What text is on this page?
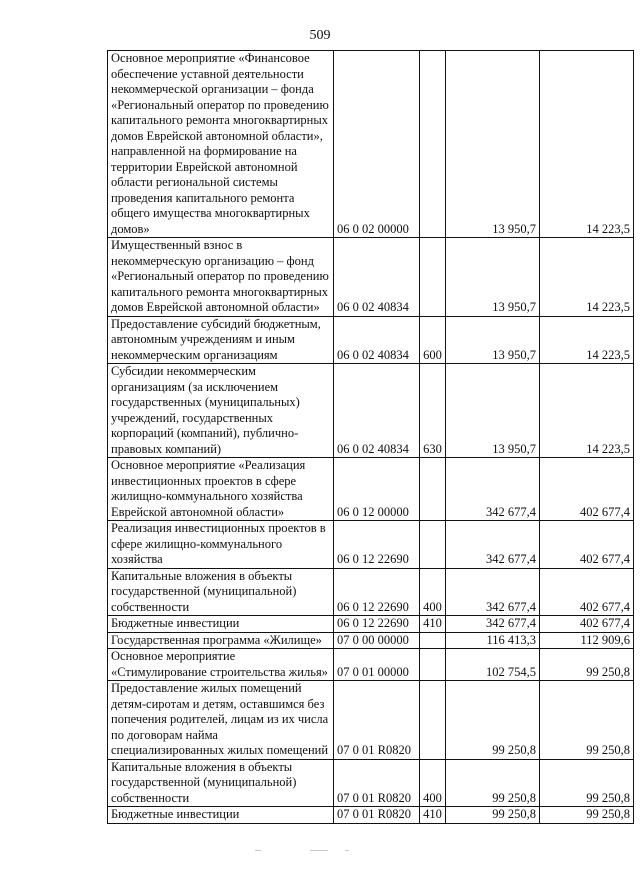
509
Основное мероприятие «Финансовое обеспечение уставной деятельности некоммерческой организации – фонда «Региональный оператор по проведению капитального ремонта многоквартирных домов Еврейской автономной области», направленной на формирование на территории Еврейской автономной области региональной системы проведения капитального ремонта общего имущества многоквартирных домов»	06 0 02 00000		13 950,7	14 223,5
Имущественный взнос в некоммерческую организацию – фонд «Региональный оператор по проведению капитального ремонта многоквартирных домов Еврейской автономной области»	06 0 02 40834		13 950,7	14 223,5
Предоставление субсидий бюджетным, автономным учреждениям и иным некоммерческим организациям	06 0 02 40834	600	13 950,7	14 223,5
Субсидии некоммерческим организациям (за исключением государственных (муниципальных) учреждений, государственных корпораций (компаний), публично-правовых компаний)	06 0 02 40834	630	13 950,7	14 223,5
Основное мероприятие «Реализация инвестиционных проектов в сфере жилищно-коммунального хозяйства Еврейской автономной области»	06 0 12 00000		342 677,4	402 677,4
Реализация инвестиционных проектов в сфере жилищно-коммунального хозяйства	06 0 12 22690		342 677,4	402 677,4
Капитальные вложения в объекты государственной (муниципальной) собственности	06 0 12 22690	400	342 677,4	402 677,4
Бюджетные инвестиции	06 0 12 22690	410	342 677,4	402 677,4
Государственная программа «Жилище»	07 0 00 00000		116 413,3	112 909,6
Основное мероприятие «Стимулирование строительства жилья»	07 0 01 00000		102 754,5	99 250,8
Предоставление жилых помещений детям-сиротам и детям, оставшимся без попечения родителей, лицам из их числа по договорам найма специализированных жилых помещений	07 0 01 R0820		99 250,8	99 250,8
Капитальные вложения в объекты государственной (муниципальной) собственности	07 0 01 R0820	400	99 250,8	99 250,8
Бюджетные инвестиции	07 0 01 R0820	410	99 250,8	99 250,8
